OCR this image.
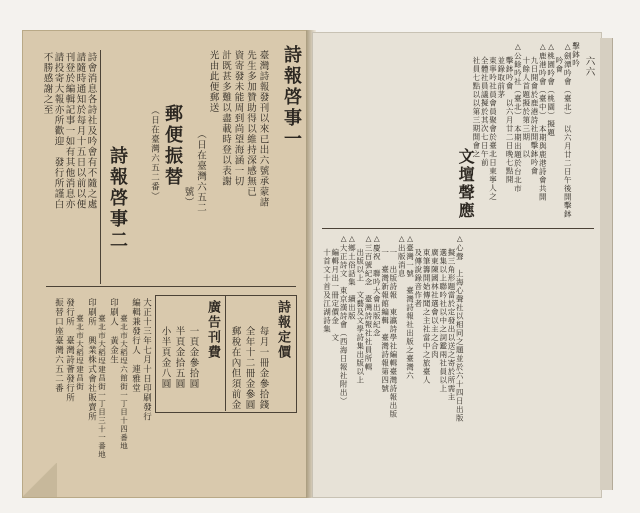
擊鉢吟
△劍潭吟會（臺北）　以六月廿二日午後開擊鉢
　吟會
△桃園吟會（桃園）擬題
△鹿港吟會（臺中）　本期與鹿港詩會共開
　九日開會於鹿港詩社開擊鉢吟會
　十餘人首題擬於第三期　以
△公餘吟社（臺北）　本期出題於台北市
　擊鉢吟會　以六月廿二日晚七點開
　並錄取前茅
　東寧吟社員會員聚會於臺北日東寧人之
　全體社員議擬於其次七日午前
　社員七點以以第三期開會之
文壇聲應
△心聲　上海心聲社以相同之題並於六十四日出版
　擬三角形題當於定發出以送之寄於所需主
　選集以上聯吟社以中之詞鑑兩社員以上
　廣東陳國林社選會以主之合肉
　東筆籌開始傳聞之主社當中之旅臺人
　及傳說錄音作者
△臺灣一號　臺灣詩報社出版之臺灣六
△出版消息
　一　出版詩報　東瀛詩學社編輯臺灣詩報出版
　一　臺灣新報館編輯　臺灣詩報第四號
△慶祝　聯吟大會出版紀念
△三百號紀念　臺灣詩報社社員所輯
　出版以上　文藝及文學詩集出版以上
△鄉土俗話集　續出版
△大正詩文　東京漢詩會（西海日報社附出）
　編輯月出一冊定價金　文
　十首文十首及江湖詩集
六六
臺灣詩報發刊以來已出六號承蒙諸
先生多加贊助得以維持深感無已
資寄發未能周到尚望海涵一切
計既甚多難以盡載時登以表謝
光由此便郵送
　　　　　　　　（日在臺灣六五二
　　　　　　　　　　　　　號）
詩會消息各詩社及吟會有不隨之處
請隨時通知於每月十五日以前以便
刊登於編輯記事一如有其他消息亦
請投寄大報亦所歡迎　發行所謹白
不勝感謝之至	詩報啓事一
郵便振替
（日在臺灣六五二番）
詩報啓事二
詩報定價
廣告刊費	每月一冊金參拾錢
全年十二冊金參圓
郵稅在內但須前金
一頁金參拾圓
半頁金拾五圓
小半頁金八圓
大正十三年七月十日印刷發行
編輯兼發行人　連雅堂
　臺北市大稻埕六館街一丁目十四番地
印刷人　黃金生
　臺北市大稻埕建昌街一丁目三十一番地
印刷所　興業株式會社販賣所
　臺北市大稻埕建昌街
發行所　臺灣詩薈發行所
振替口座臺灣六五二番
